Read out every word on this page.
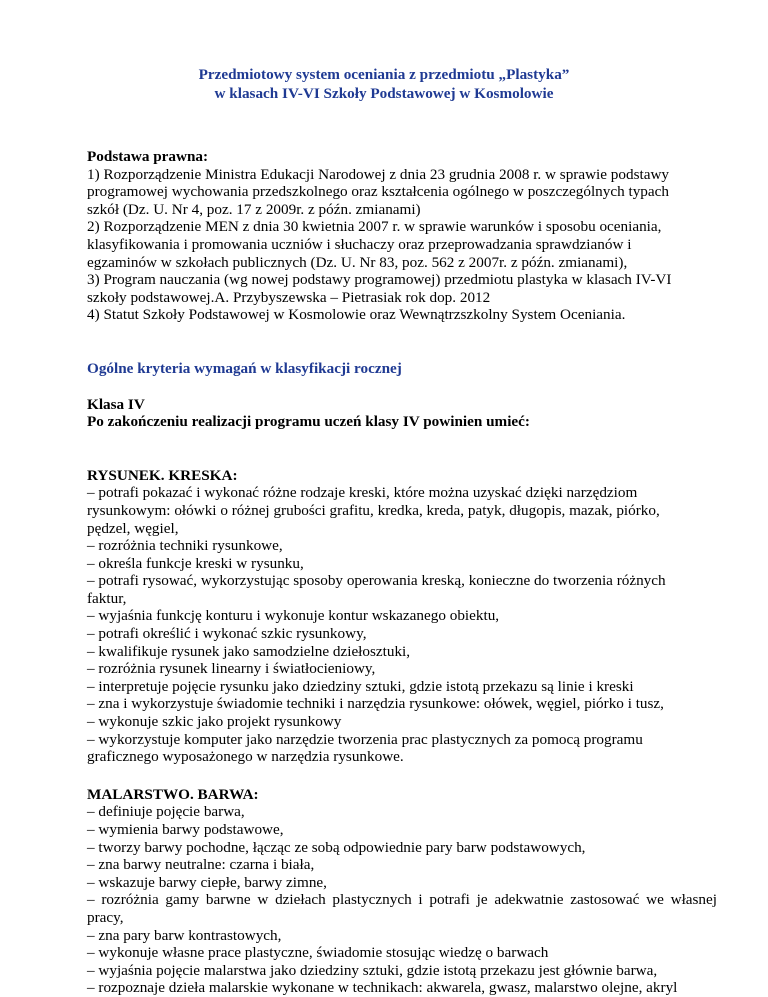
Przedmiotowy system oceniania z przedmiotu „Plastyka”
w klasach IV-VI Szkoły Podstawowej w Kosmolowie
Podstawa prawna:
1) Rozporządzenie Ministra Edukacji Narodowej z dnia 23 grudnia 2008 r. w sprawie podstawy
programowej wychowania przedszkolnego oraz kształcenia ogólnego w poszczególnych typach
szkół (Dz. U. Nr 4, poz. 17 z 2009r. z późn. zmianami)
2) Rozporządzenie MEN z dnia 30 kwietnia 2007 r. w sprawie warunków i sposobu oceniania,
klasyfikowania i promowania uczniów i słuchaczy oraz przeprowadzania sprawdzianów i
egzaminów w szkołach publicznych (Dz. U. Nr 83, poz. 562 z 2007r. z późn. zmianami),
3) Program nauczania (wg nowej podstawy programowej) przedmiotu plastyka w klasach IV-VI
szkoły podstawowej.A. Przybyszewska – Pietrasiak rok dop. 2012
4) Statut Szkoły Podstawowej w Kosmolowie oraz Wewnątrzszkolny System Oceniania.
Ogólne kryteria wymagań w klasyfikacji rocznej
Klasa IV
Po zakończeniu realizacji programu uczeń klasy IV powinien umieć:
RYSUNEK. KRESKA:
– potrafi pokazać i wykonać różne rodzaje kreski, które można uzyskać dzięki narzędziom
rysunkowym: ołówki o różnej grubości grafitu, kredka, kreda, patyk, długopis, mazak, piórko,
pędzel, węgiel,
– rozróżnia techniki rysunkowe,
– określa funkcje kreski w rysunku,
– potrafi rysować, wykorzystując sposoby operowania kreską, konieczne do tworzenia różnych
faktur,
– wyjaśnia funkcję konturu i wykonuje kontur wskazanego obiektu,
– potrafi określić i wykonać szkic rysunkowy,
– kwalifikuje rysunek jako samodzielne dziełosztuki,
– rozróżnia rysunek linearny i światłocieniowy,
– interpretuje pojęcie rysunku jako dziedziny sztuki, gdzie istotą przekazu są linie i kreski
– zna i wykorzystuje świadomie techniki i narzędzia rysunkowe: ołówek, węgiel, piórko i tusz,
– wykonuje szkic jako projekt rysunkowy
– wykorzystuje komputer jako narzędzie tworzenia prac plastycznych za pomocą programu
graficznego wyposażonego w narzędzia rysunkowe.
MALARSTWO. BARWA:
– definiuje pojęcie barwa,
– wymienia barwy podstawowe,
– tworzy barwy pochodne, łącząc ze sobą odpowiednie pary barw podstawowych,
– zna barwy neutralne: czarna i biała,
– wskazuje barwy ciepłe, barwy zimne,
– rozróżnia gamy barwne w dziełach plastycznych i potrafi je adekwatnie zastosować we własnej
pracy,
– zna pary barw kontrastowych,
– wykonuje własne prace plastyczne, świadomie stosując wiedzę o barwach
– wyjaśnia pojęcie malarstwa jako dziedziny sztuki, gdzie istotą przekazu jest głównie barwa,
– rozpoznaje dzieła malarskie wykonane w technikach: akwarela, gwasz, malarstwo olejne, akryl
